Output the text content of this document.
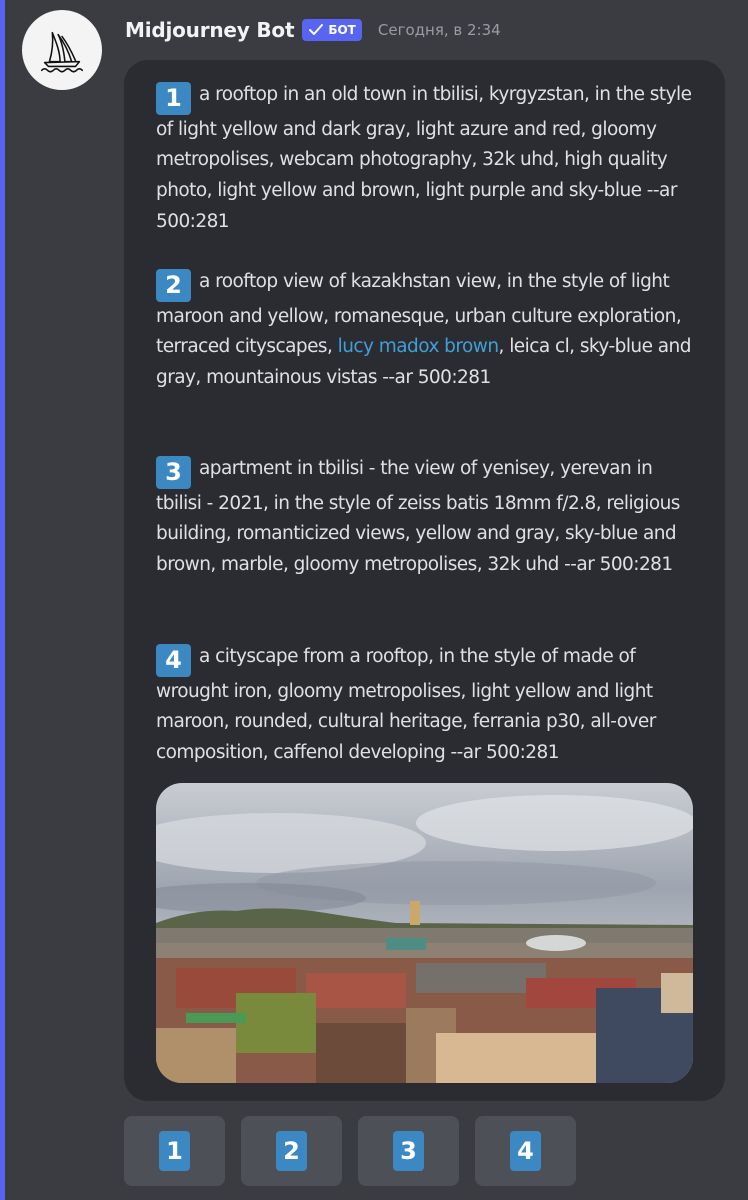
Midjourney Bot	БОТ Сегодня, в 2:34
1 a rooftop in an old town in tbilisi, kyrgyzstan, in the style of light yellow and dark gray, light azure and red, gloomy metropolises, webcam photography, 32k uhd, high quality photo, light yellow and brown, light purple and sky-blue --ar 500:281
2 a rooftop view of kazakhstan view, in the style of light maroon and yellow, romanesque, urban culture exploration, terraced cityscapes, lucy madox brown, leica cl, sky-blue and gray, mountainous vistas --ar 500:281
3 apartment in tbilisi - the view of yenisey, yerevan in tbilisi - 2021, in the style of zeiss batis 18mm f/2.8, religious building, romanticized views, yellow and gray, sky-blue and brown, marble, gloomy metropolises, 32k uhd --ar 500:281
4 a cityscape from a rooftop, in the style of made of wrought iron, gloomy metropolises, light yellow and light maroon, rounded, cultural heritage, ferrania p30, all-over composition, caffenol developing --ar 500:281
1	2	3	4
